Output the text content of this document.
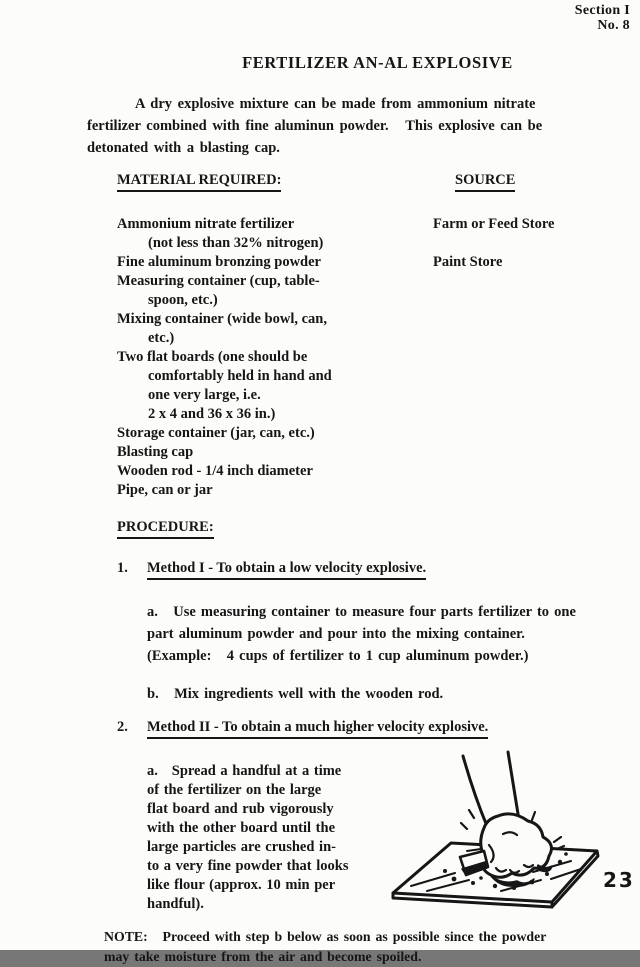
Section I
No. 8
FERTILIZER AN-AL EXPLOSIVE
A dry explosive mixture can be made from ammonium nitrate
fertilizer combined with fine aluminun powder.   This explosive can be
detonated with a blasting cap.
MATERIAL REQUIRED:	SOURCE
Ammonium nitrate fertilizer	Farm or Feed Store
(not less than 32% nitrogen)
Fine aluminum bronzing powder	Paint Store
Measuring container (cup, table-
spoon, etc.)
Mixing container (wide bowl, can,
etc.)
Two flat boards (one should be
comfortably held in hand and
one very large, i.e.
2 x 4 and 36 x 36 in.)
Storage container (jar, can, etc.)
Blasting cap
Wooden rod - 1/4 inch diameter
Pipe, can or jar
PROCEDURE:
1.	Method I - To obtain a low velocity explosive.
a.   Use measuring container to measure four parts fertilizer to one
part aluminum powder and pour into the mixing container.
(Example:   4 cups of fertilizer to 1 cup aluminum powder.)
b.   Mix ingredients well with the wooden rod.
2.	Method II - To obtain a much higher velocity explosive.
a.   Spread a handful at a time
of the fertilizer on the large
flat board and rub vigorously
with the other board until the
large particles are crushed in-
to a very fine powder that looks
like flour (approx. 10 min per
handful).
23
NOTE:   Proceed with step b below as soon as possible since the powder
may take moisture from the air and become spoiled.
